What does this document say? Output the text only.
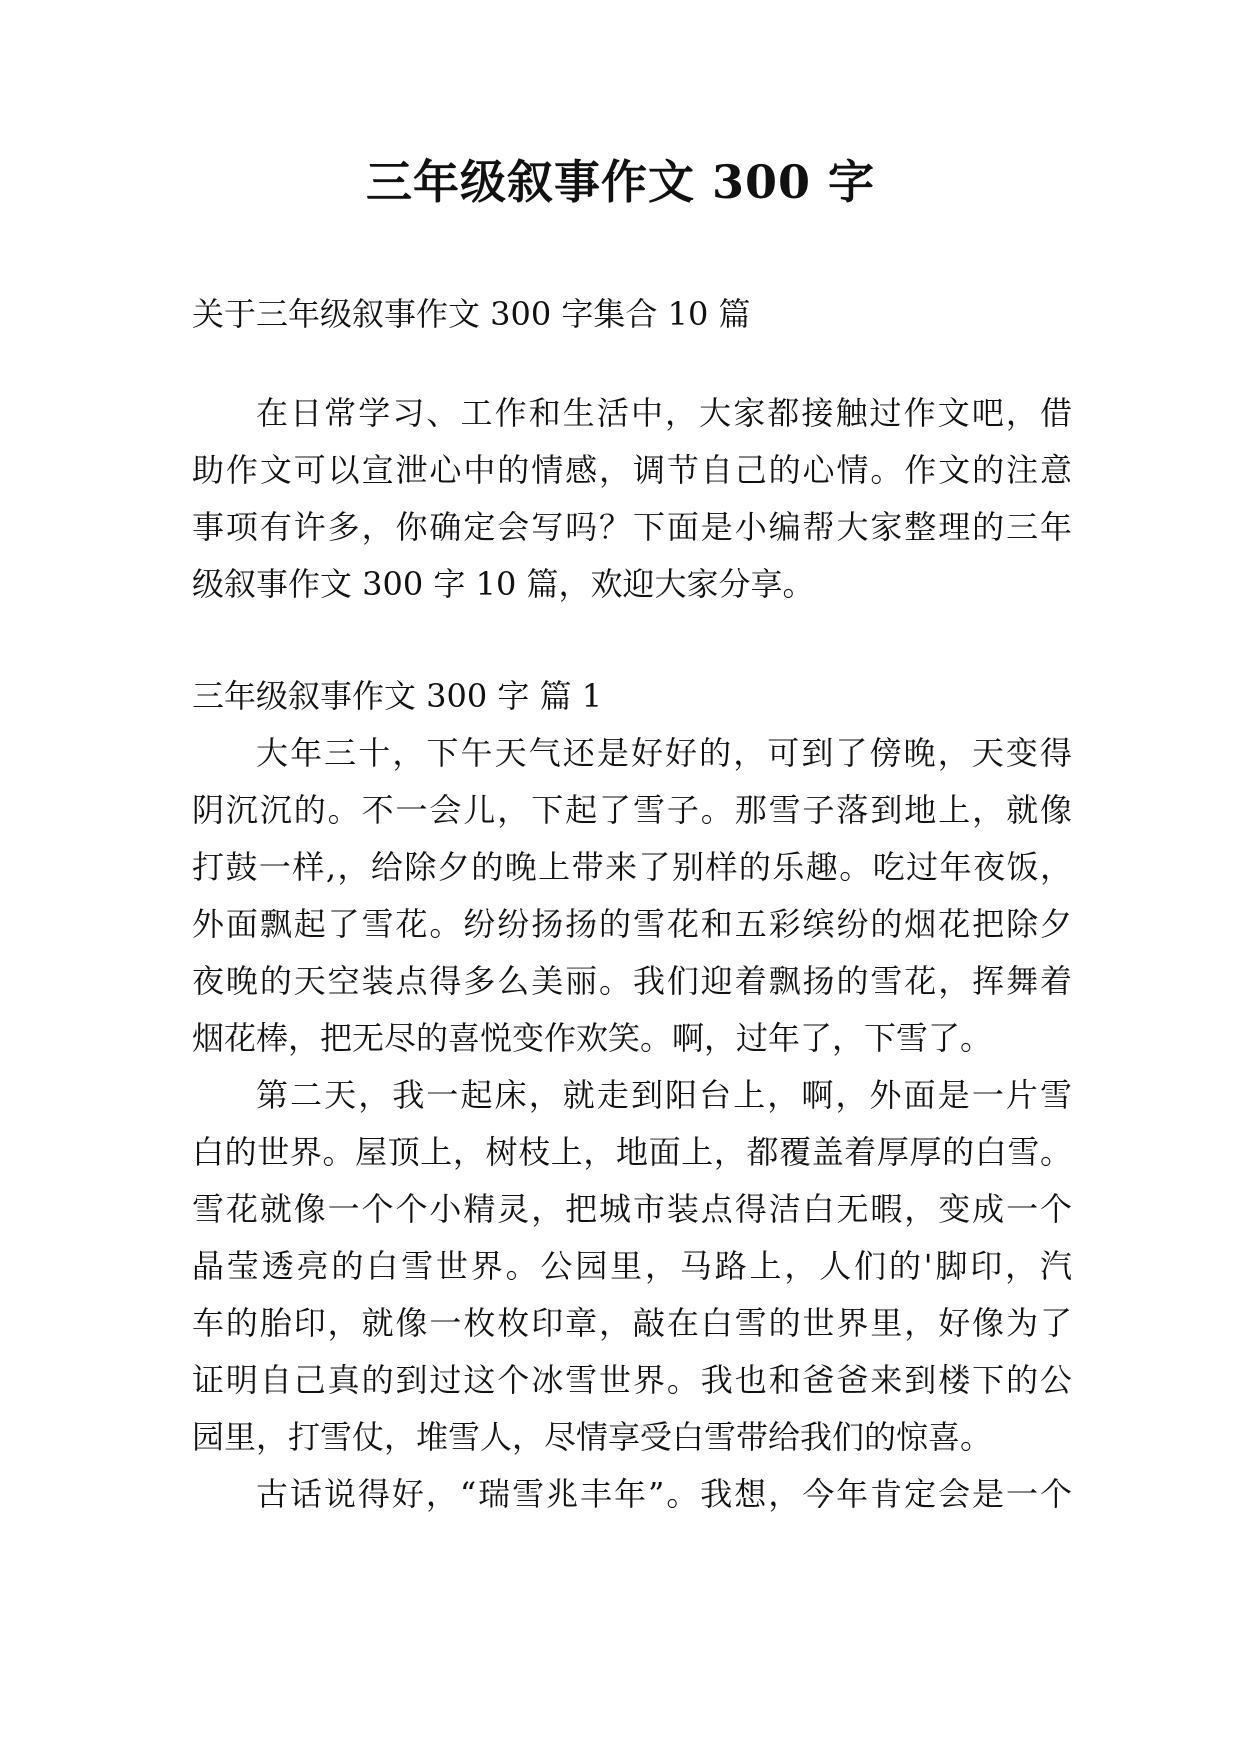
三年级叙事作文 300 字

关于三年级叙事作文 300 字集合 10 篇

在日常学习、工作和生活中，大家都接触过作文吧，借

助作文可以宣泄心中的情感，调节自己的心情。作文的注意

事项有许多，你确定会写吗？下面是小编帮大家整理的三年

级叙事作文 300 字 10 篇，欢迎大家分享。

三年级叙事作文 300 字 篇 1

大年三十，下午天气还是好好的，可到了傍晚，天变得

阴沉沉的。不一会儿，下起了雪子。那雪子落到地上，就像

打鼓一样,，给除夕的晚上带来了别样的乐趣。吃过年夜饭，

外面飘起了雪花。纷纷扬扬的雪花和五彩缤纷的烟花把除夕

夜晚的天空装点得多么美丽。我们迎着飘扬的雪花，挥舞着

烟花棒，把无尽的喜悦变作欢笑。啊，过年了，下雪了。

第二天，我一起床，就走到阳台上，啊，外面是一片雪

白的世界。屋顶上，树枝上，地面上，都覆盖着厚厚的白雪。

雪花就像一个个小精灵，把城市装点得洁白无暇，变成一个

晶莹透亮的白雪世界。公园里，马路上，人们的'脚印，汽

车的胎印，就像一枚枚印章，敲在白雪的世界里，好像为了

证明自己真的到过这个冰雪世界。我也和爸爸来到楼下的公

园里，打雪仗，堆雪人，尽情享受白雪带给我们的惊喜。

古话说得好，“瑞雪兆丰年”。我想，今年肯定会是一个
